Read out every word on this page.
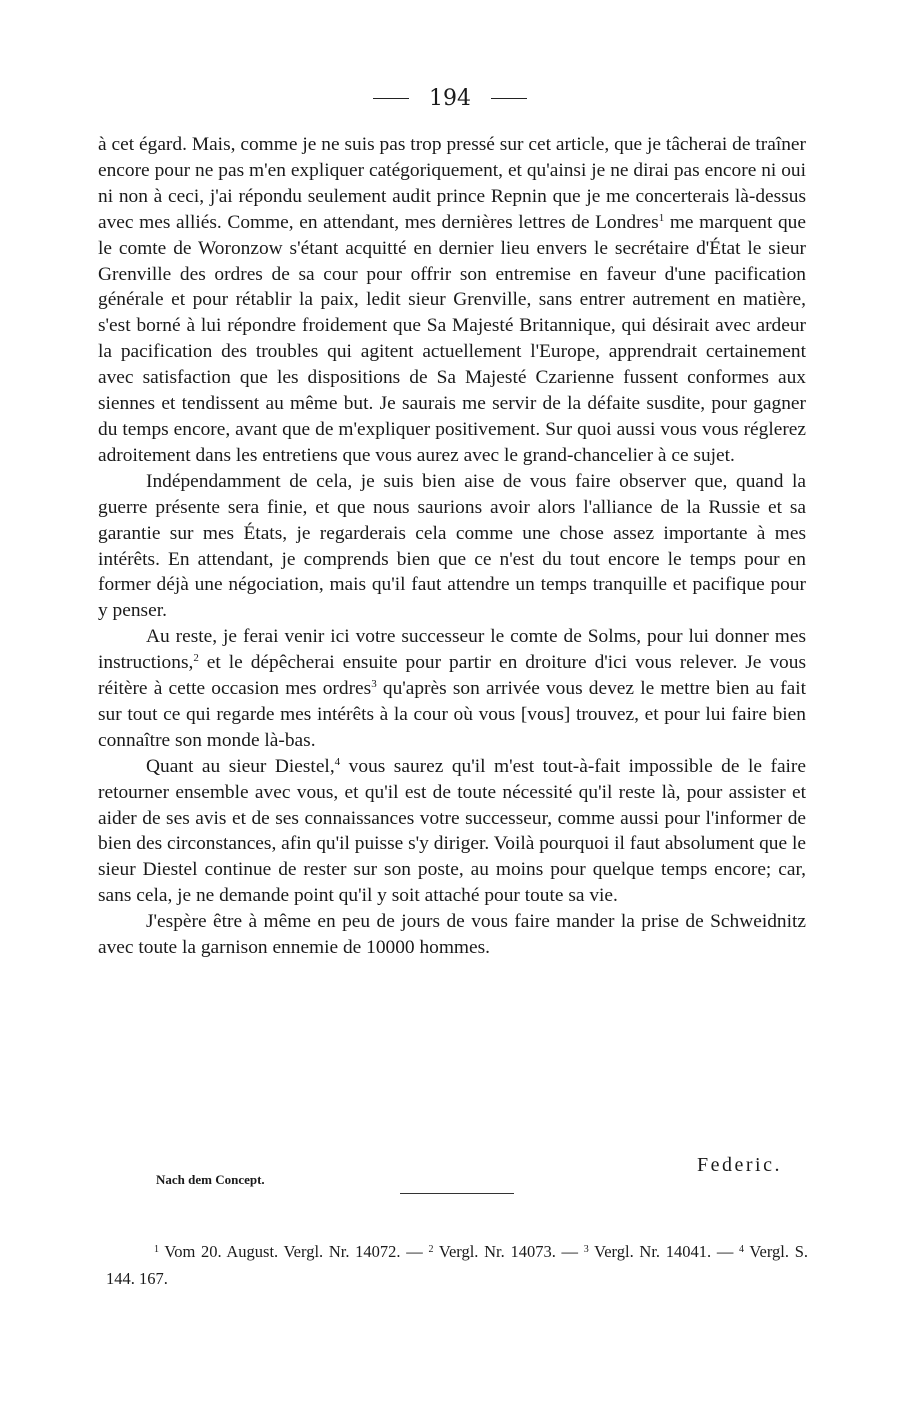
194

à cet égard. Mais, comme je ne suis pas trop pressé sur cet article, que je tâcherai de traîner encore pour ne pas m'en expliquer catégoriquement, et qu'ainsi je ne dirai pas encore ni oui ni non à ceci, j'ai répondu seulement audit prince Repnin que je me concerterais là-dessus avec mes alliés. Comme, en attendant, mes dernières lettres de Londres$^1$ me marquent que le comte de Woronzow s'étant acquitté en dernier lieu envers le secrétaire d'État le sieur Grenville des ordres de sa cour pour offrir son entremise en faveur d'une pacification générale et pour rétablir la paix, ledit sieur Grenville, sans entrer autrement en matière, s'est borné à lui répondre froidement que Sa Majesté Britannique, qui désirait avec ardeur la pacification des troubles qui agitent actuellement l'Europe, apprendrait certainement avec satisfaction que les dispositions de Sa Majesté Czarienne fussent conformes aux siennes et tendissent au même but. Je saurais me servir de la défaite susdite, pour gagner du temps encore, avant que de m'expliquer positivement. Sur quoi aussi vous vous réglerez adroitement dans les entretiens que vous aurez avec le grand-chancelier à ce sujet.

Indépendamment de cela, je suis bien aise de vous faire observer que, quand la guerre présente sera finie, et que nous saurions avoir alors l'alliance de la Russie et sa garantie sur mes États, je regarderais cela comme une chose assez importante à mes intérêts. En attendant, je comprends bien que ce n'est du tout encore le temps pour en former déjà une négociation, mais qu'il faut attendre un temps tranquille et pacifique pour y penser.

Au reste, je ferai venir ici votre successeur le comte de Solms, pour lui donner mes instructions,$^2$ et le dépêcherai ensuite pour partir en droiture d'ici vous relever. Je vous réitère à cette occasion mes ordres$^3$ qu'après son arrivée vous devez le mettre bien au fait sur tout ce qui regarde mes intérêts à la cour où vous [vous] trouvez, et pour lui faire bien connaître son monde là-bas.

Quant au sieur Diestel,$^4$ vous saurez qu'il m'est tout-à-fait impossible de le faire retourner ensemble avec vous, et qu'il est de toute nécessité qu'il reste là, pour assister et aider de ses avis et de ses connaissances votre successeur, comme aussi pour l'informer de bien des circonstances, afin qu'il puisse s'y diriger. Voilà pourquoi il faut absolument que le sieur Diestel continue de rester sur son poste, au moins pour quelque temps encore; car, sans cela, je ne demande point qu'il y soit attaché pour toute sa vie.

J'espère être à même en peu de jours de vous faire mander la prise de Schweidnitz avec toute la garnison ennemie de 10000 hommes.

Nach dem Concept.
Federic.

$^1$ Vom 20. August. Vergl. Nr. 14072. — $^2$ Vergl. Nr. 14073. — $^3$ Vergl. Nr. 14041. — $^4$ Vergl. S. 144. 167.
